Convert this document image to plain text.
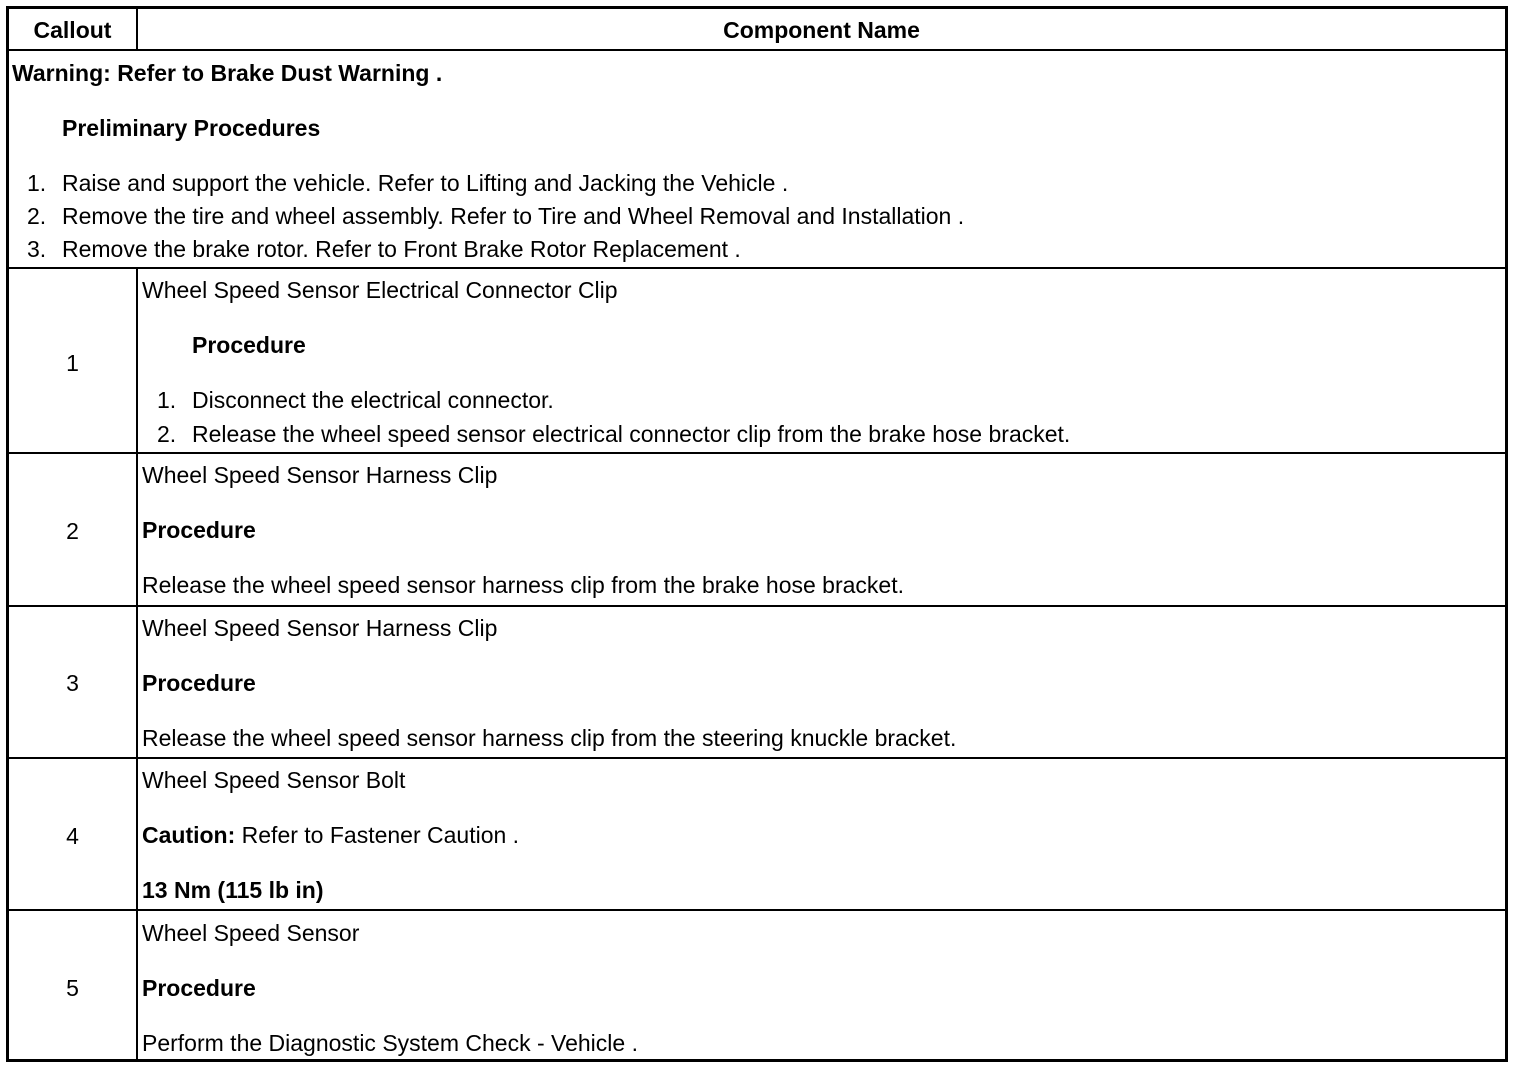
Callout	Component Name
Warning: Refer to Brake Dust Warning .
Preliminary Procedures
1. Raise and support the vehicle. Refer to Lifting and Jacking the Vehicle .
2. Remove the tire and wheel assembly. Refer to Tire and Wheel Removal and Installation .
3. Remove the brake rotor. Refer to Front Brake Rotor Replacement .
1
Wheel Speed Sensor Electrical Connector Clip
Procedure
1. Disconnect the electrical connector.
2. Release the wheel speed sensor electrical connector clip from the brake hose bracket.
2
Wheel Speed Sensor Harness Clip
Procedure
Release the wheel speed sensor harness clip from the brake hose bracket.
3
Wheel Speed Sensor Harness Clip
Procedure
Release the wheel speed sensor harness clip from the steering knuckle bracket.
4
Wheel Speed Sensor Bolt
Caution: Refer to Fastener Caution .
13 Nm (115 lb in)
5
Wheel Speed Sensor
Procedure
Perform the Diagnostic System Check - Vehicle .
